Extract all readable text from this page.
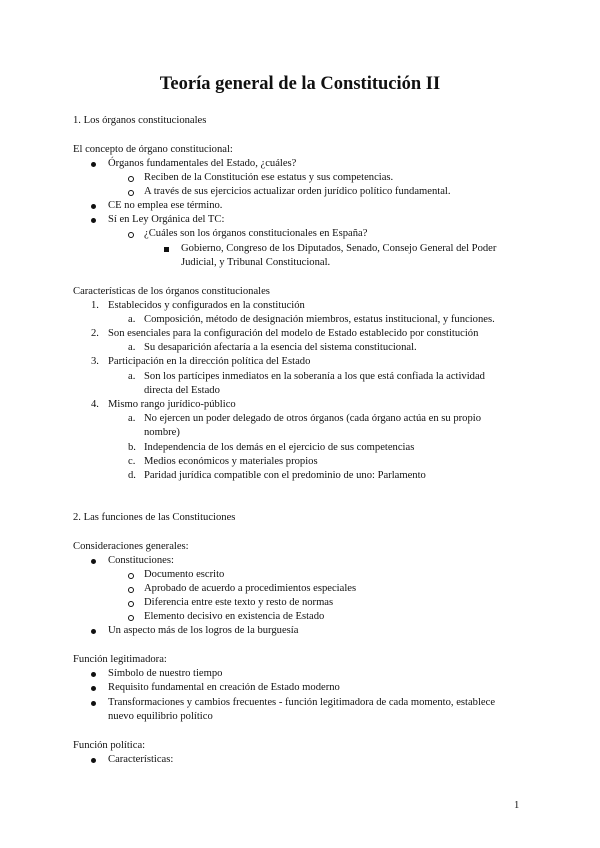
Teoría general de la Constitución II
1. Los órganos constitucionales
El concepto de órgano constitucional:
Órganos fundamentales del Estado, ¿cuáles?
Reciben de la Constitución ese estatus y sus competencias.
A través de sus ejercicios actualizar orden jurídico político fundamental.
CE no emplea ese término.
Sí en Ley Orgánica del TC:
¿Cuáles son los órganos constitucionales en España?
Gobierno, Congreso de los Diputados, Senado, Consejo General del Poder
Judicial, y Tribunal Constitucional.
Características de los órganos constitucionales
1. Establecidos y configurados en la constitución
a. Composición, método de designación miembros, estatus institucional, y funciones.
2. Son esenciales para la configuración del modelo de Estado establecido por constitución
a. Su desaparición afectaría a la esencia del sistema constitucional.
3. Participación en la dirección política del Estado
a. Son los partícipes inmediatos en la soberanía a los que está confiada la actividad
directa del Estado
4. Mismo rango jurídico-público
a. No ejercen un poder delegado de otros órganos (cada órgano actúa en su propio
nombre)
b. Independencia de los demás en el ejercicio de sus competencias
c. Medios económicos y materiales propios
d. Paridad jurídica compatible con el predominio de uno: Parlamento
2. Las funciones de las Constituciones
Consideraciones generales:
Constituciones:
Documento escrito
Aprobado de acuerdo a procedimientos especiales
Diferencia entre este texto y resto de normas
Elemento decisivo en existencia de Estado
Un aspecto más de los logros de la burguesía
Función legitimadora:
Símbolo de nuestro tiempo
Requisito fundamental en creación de Estado moderno
Transformaciones y cambios frecuentes - función legitimadora de cada momento, establece
nuevo equilibrio político
Función política:
Características:
1
